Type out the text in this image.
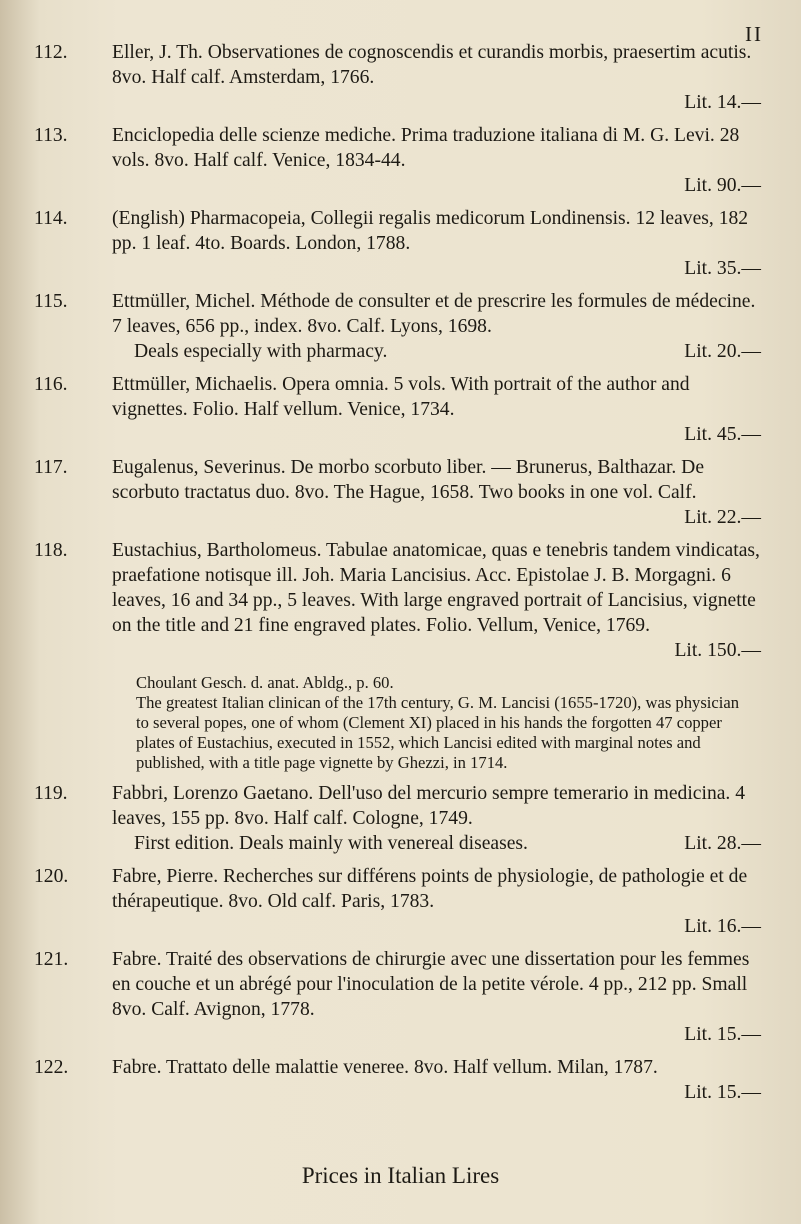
II
112.	Eller, J. Th. Observationes de cognoscendis et curandis morbis, praesertim acutis. 8vo. Half calf. Amsterdam, 1766.
Lit. 14.—
113.	Enciclopedia delle scienze mediche. Prima traduzione italiana di M. G. Levi. 28 vols. 8vo. Half calf. Venice, 1834-44.
Lit. 90.—
114.	(English) Pharmacopeia, Collegii regalis medicorum Londinensis. 12 leaves, 182 pp. 1 leaf. 4to. Boards. London, 1788.
Lit. 35.—
115.	Ettmüller, Michel. Méthode de consulter et de prescrire les formules de médecine. 7 leaves, 656 pp., index. 8vo. Calf. Lyons, 1698.
Lit. 20.—
Deals especially with pharmacy.
116.	Ettmüller, Michaelis. Opera omnia. 5 vols. With portrait of the author and vignettes. Folio. Half vellum. Venice, 1734.
Lit. 45.—
117.	Eugalenus, Severinus. De morbo scorbuto liber. — Brunerus, Balthazar. De scorbuto tractatus duo. 8vo. The Hague, 1658. Two books in one vol. Calf.
Lit. 22.—
118.	Eustachius, Bartholomeus. Tabulae anatomicae, quas e tenebris tandem vindicatas, praefatione notisque ill. Joh. Maria Lancisius. Acc. Epistolae J. B. Morgagni. 6 leaves, 16 and 34 pp., 5 leaves. With large engraved portrait of Lancisius, vignette on the title and 21 fine engraved plates. Folio. Vellum, Venice, 1769.
Lit. 150.—
Choulant Gesch. d. anat. Abldg., p. 60.
The greatest Italian clinican of the 17th century, G. M. Lancisi (1655-1720), was physician to several popes, one of whom (Clement XI) placed in his hands the forgotten 47 copper plates of Eustachius, executed in 1552, which Lancisi edited with marginal notes and published, with a title page vignette by Ghezzi, in 1714.
119.	Fabbri, Lorenzo Gaetano. Dell'uso del mercurio sempre temerario in medicina. 4 leaves, 155 pp. 8vo. Half calf. Cologne, 1749.
Lit. 28.—
First edition. Deals mainly with venereal diseases.
120.	Fabre, Pierre. Recherches sur différens points de physiologie, de pathologie et de thérapeutique. 8vo. Old calf. Paris, 1783.
Lit. 16.—
121.	Fabre. Traité des observations de chirurgie avec une dissertation pour les femmes en couche et un abrégé pour l'inoculation de la petite vérole. 4 pp., 212 pp. Small 8vo. Calf. Avignon, 1778.
Lit. 15.—
122.	Fabre. Trattato delle malattie veneree. 8vo. Half vellum. Milan, 1787.
Lit. 15.—
Prices in Italian Lires
